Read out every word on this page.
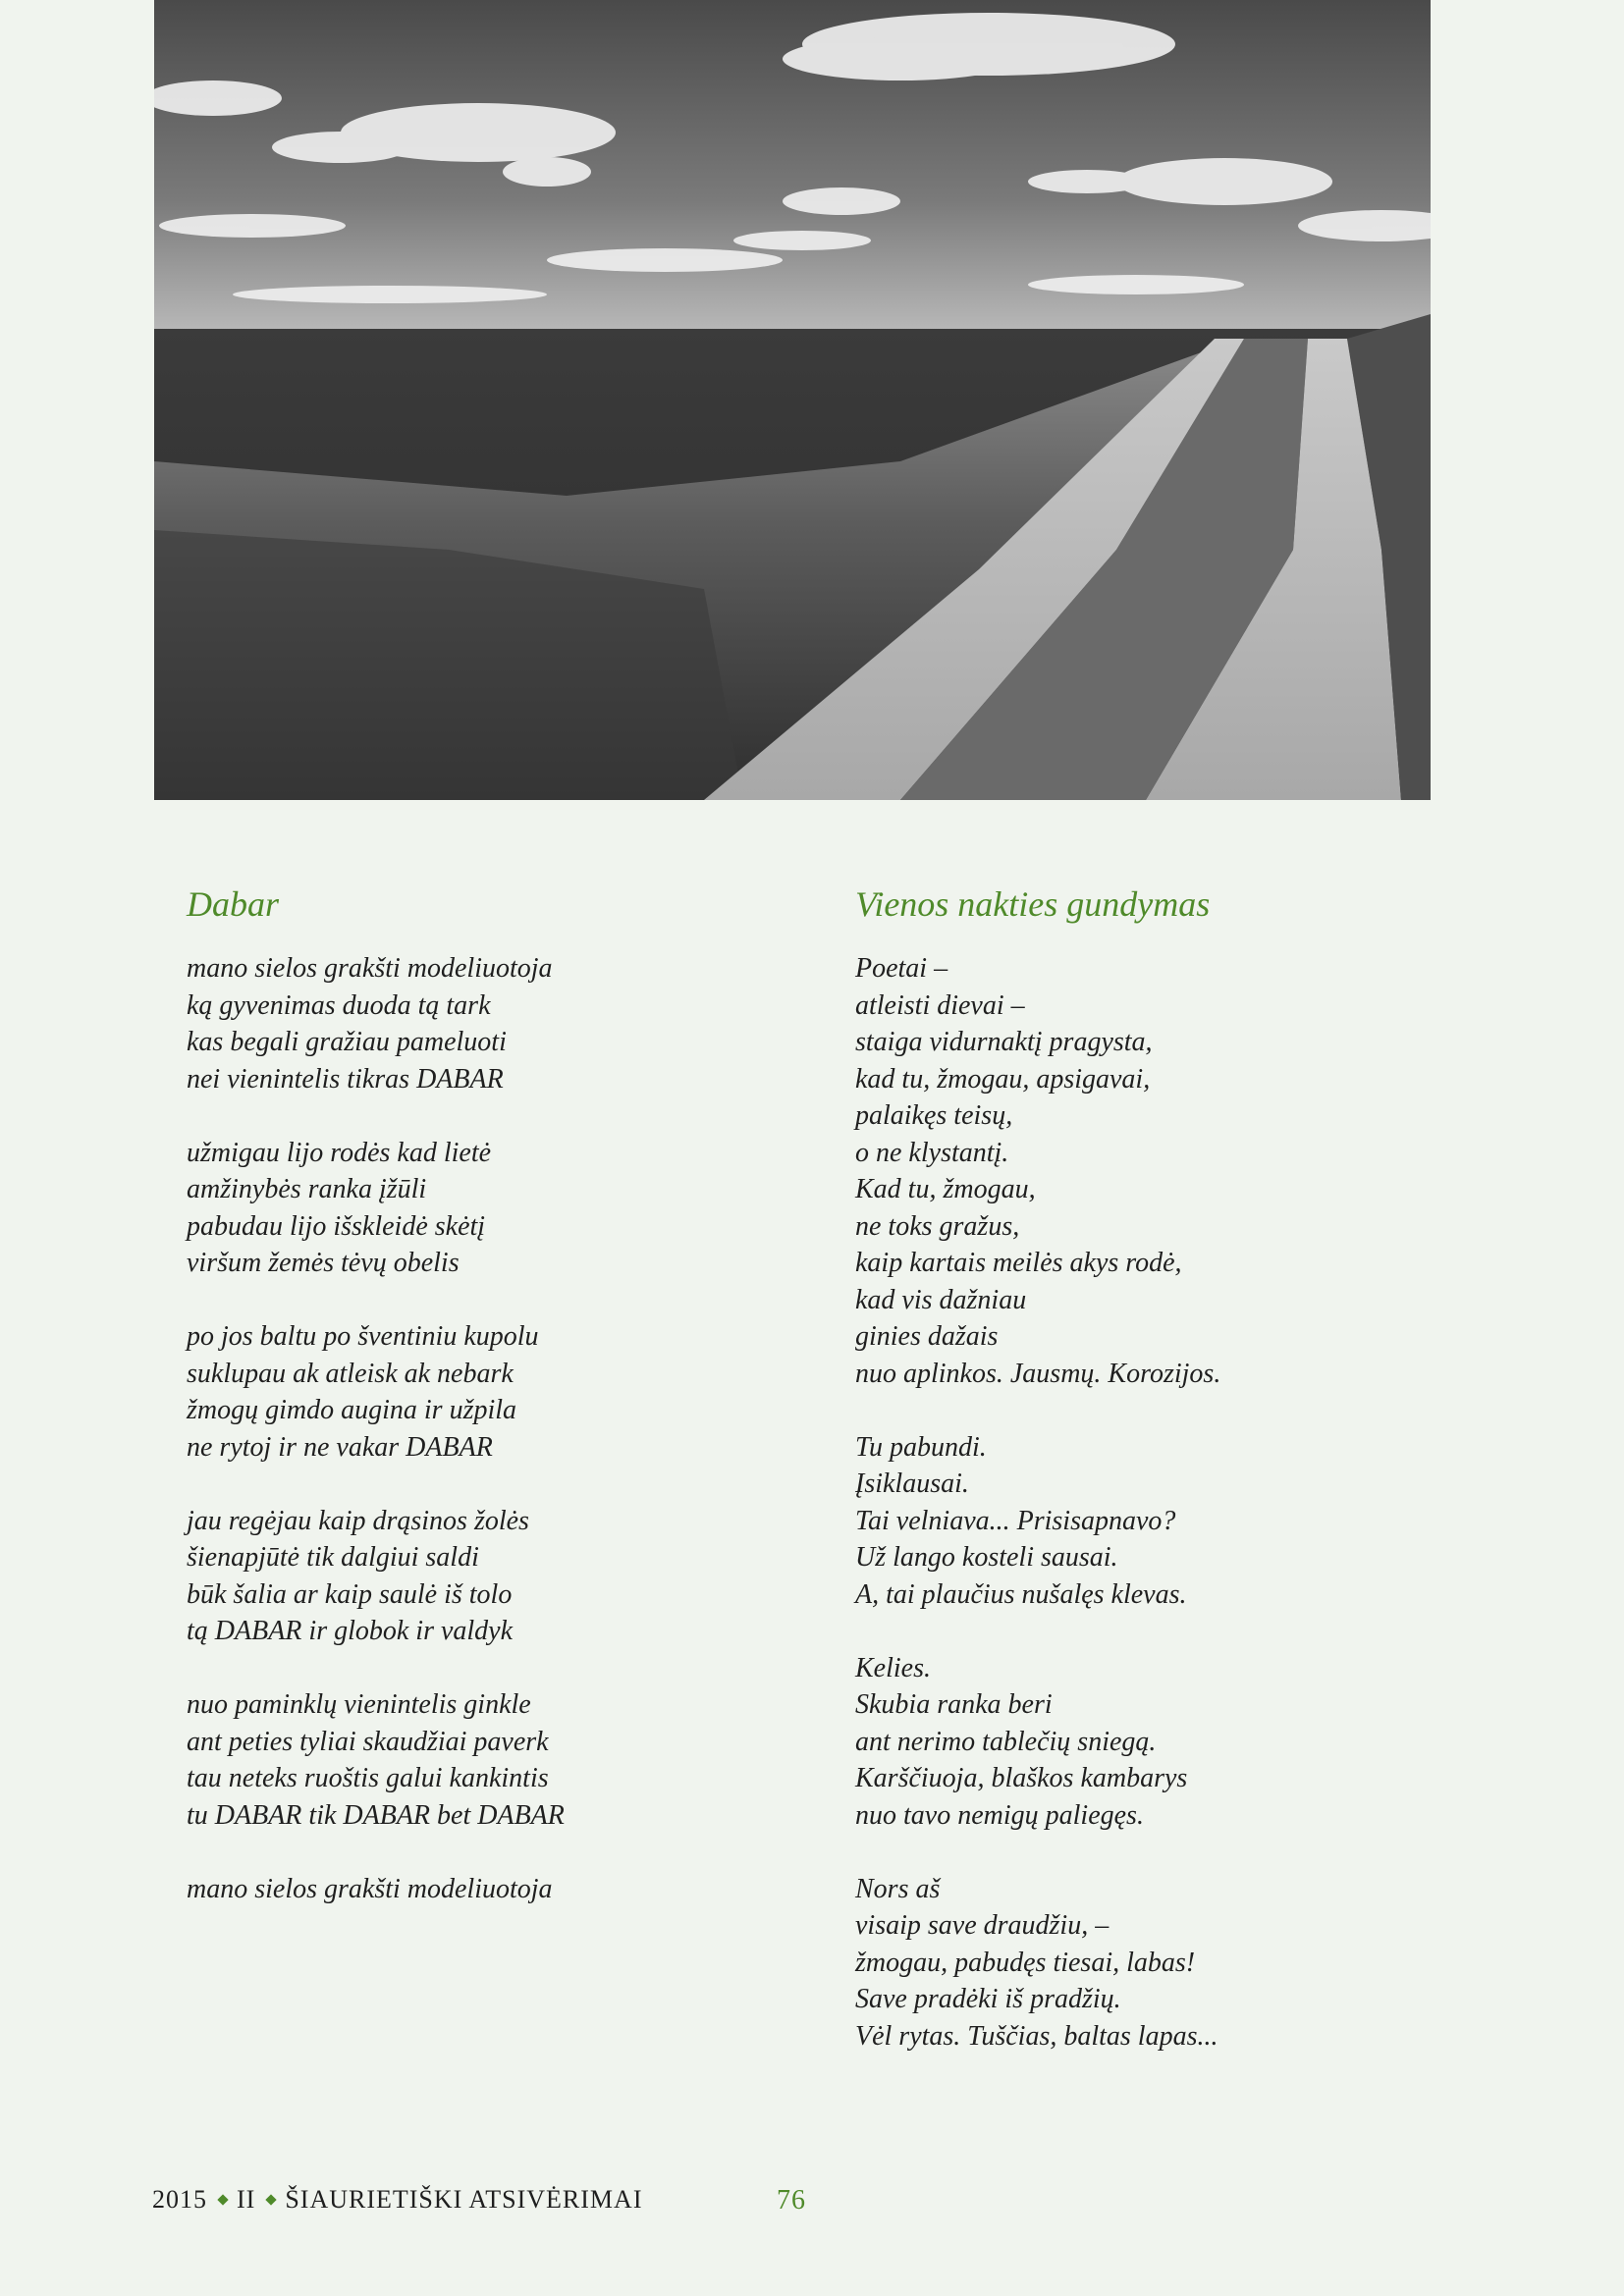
Dabar
mano sielos grakšti modeliuotoja
ką gyvenimas duoda tą tark
kas begali gražiau pameluoti
nei vienintelis tikras DABAR
užmigau lijo rodės kad lietė
amžinybės ranka įžūli
pabudau lijo išskleidė skėtį
viršum žemės tėvų obelis
po jos baltu po šventiniu kupolu
suklupau ak atleisk ak nebark
žmogų gimdo augina ir užpila
ne rytoj ir ne vakar DABAR
jau regėjau kaip drąsinos žolės
šienapjūtė tik dalgiui saldi
būk šalia ar kaip saulė iš tolo
tą DABAR ir globok ir valdyk
nuo paminklų vienintelis ginkle
ant peties tyliai skaudžiai paverk
tau neteks ruoštis galui kankintis
tu DABAR tik DABAR bet DABAR
mano sielos grakšti modeliuotoja
Vienos nakties gundymas
Poetai –
atleisti dievai –
staiga vidurnaktį pragysta,
kad tu, žmogau, apsigavai,
palaikęs teisų,
o ne klystantį.
Kad tu, žmogau,
ne toks gražus,
kaip kartais meilės akys rodė,
kad vis dažniau
ginies dažais
nuo aplinkos. Jausmų. Korozijos.
Tu pabundi.
Įsiklausai.
Tai velniava... Prisisapnavo?
Už lango kosteli sausai.
A, tai plaučius nušalęs klevas.
Kelies.
Skubia ranka beri
ant nerimo tablečių sniegą.
Karščiuoja, blaškos kambarys
nuo tavo nemigų paliegęs.
Nors aš
visaip save draudžiu, –
žmogau, pabudęs tiesai, labas!
Save pradėki iš pradžių.
Vėl rytas. Tuščias, baltas lapas...
2015 II ŠIAURIETIŠKI ATSIVĖRIMAI	76
